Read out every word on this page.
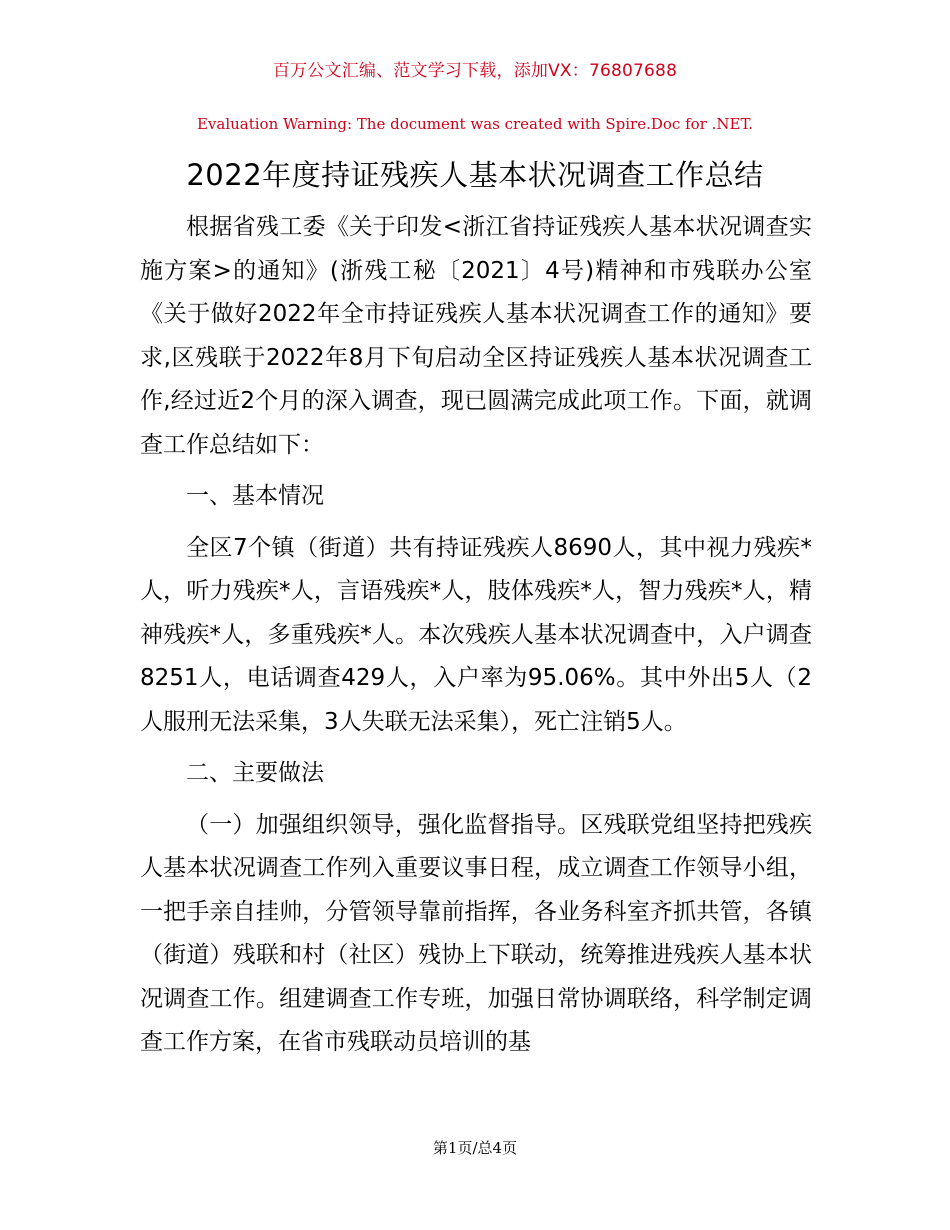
百万公文汇编、范文学习下载，添加VX：76807688
Evaluation Warning: The document was created with Spire.Doc for .NET.
2022年度持证残疾人基本状况调查工作总结

根据省残工委《关于印发<浙江省持证残疾人基本状况调查实施方案>的通知》(浙残工秘〔2021〕4号)精神和市残联办公室《关于做好2022年全市持证残疾人基本状况调查工作的通知》要求,区残联于2022年8月下旬启动全区持证残疾人基本状况调查工作,经过近2个月的深入调查，现已圆满完成此项工作。下面，就调查工作总结如下：

一、基本情况

全区7个镇（街道）共有持证残疾人8690人，其中视力残疾*人，听力残疾*人，言语残疾*人，肢体残疾*人，智力残疾*人，精神残疾*人，多重残疾*人。本次残疾人基本状况调查中，入户调查8251人，电话调查429人，入户率为95.06%。其中外出5人（2人服刑无法采集，3人失联无法采集），死亡注销5人。

二、主要做法

（一）加强组织领导，强化监督指导。区残联党组坚持把残疾人基本状况调查工作列入重要议事日程，成立调查工作领导小组，一把手亲自挂帅，分管领导靠前指挥，各业务科室齐抓共管，各镇（街道）残联和村（社区）残协上下联动，统筹推进残疾人基本状况调查工作。组建调查工作专班，加强日常协调联络，科学制定调查工作方案，在省市残联动员培训的基

第1页/总4页
